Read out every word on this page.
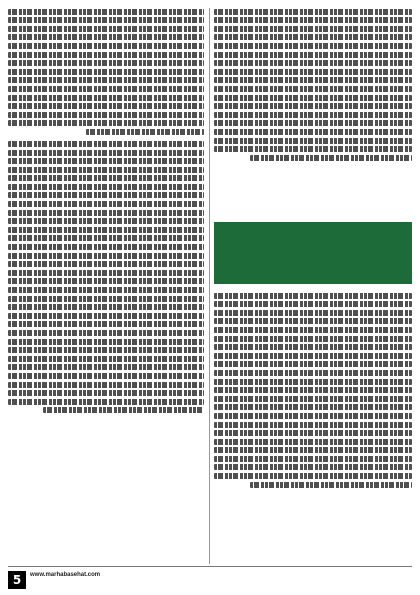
5	www.marhabasehat.com
